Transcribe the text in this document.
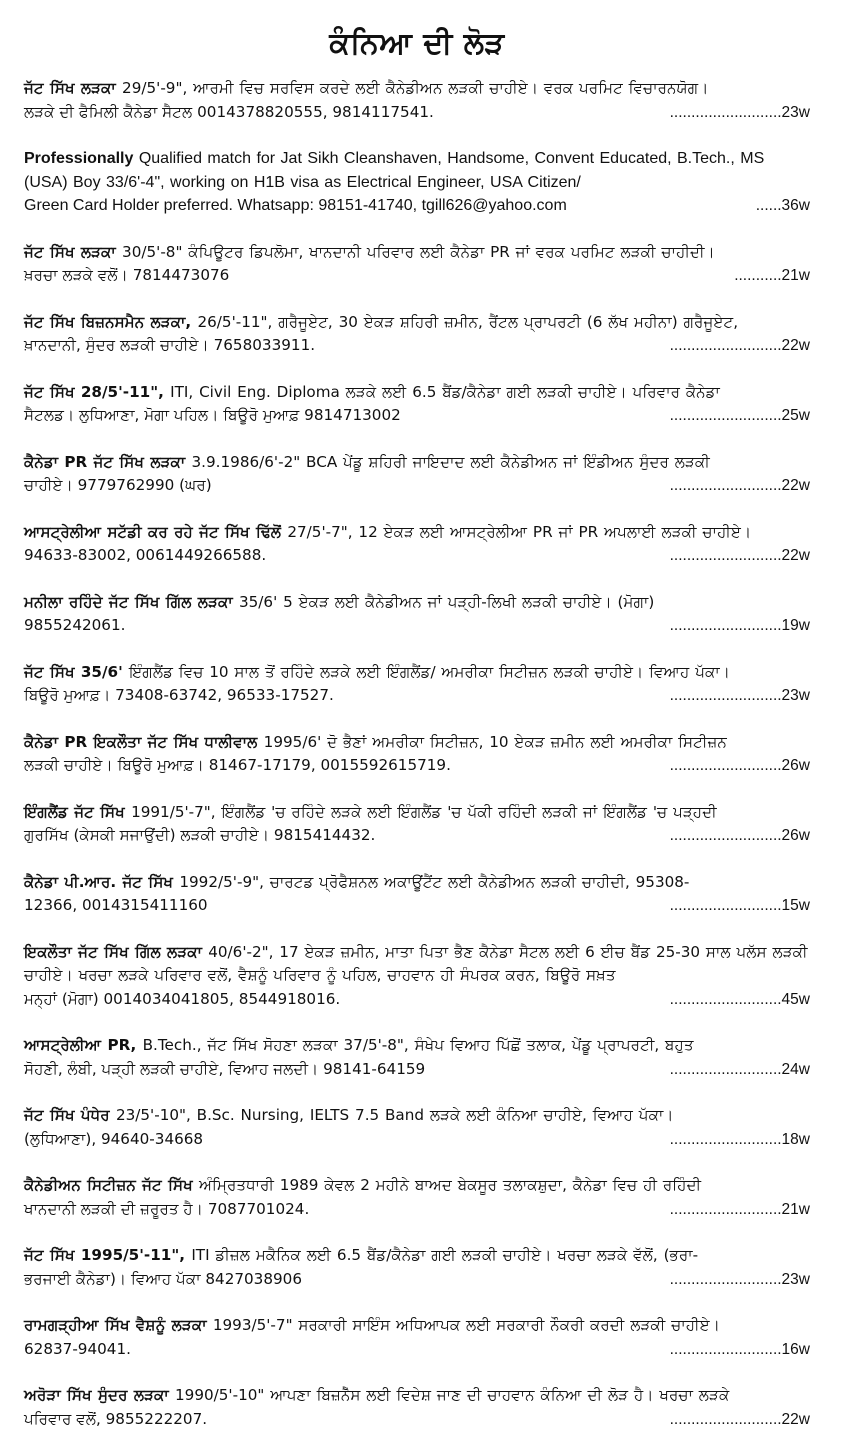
ਕੰਨਿਆ ਦੀ ਲੋੜ
ਜੱਟ ਸਿੱਖ ਲੜਕਾ 29/5'-9", ਆਰਮੀ ਵਿਚ ਸਰਵਿਸ ਕਰਦੇ ਲਈ ਕੈਨੇਡੀਅਨ ਲੜਕੀ ਚਾਹੀਏ। ਵਰਕ ਪਰਮਿਟ ਵਿਚਾਰਨਯੋਗ।
ਲੜਕੇ ਦੀ ਫੈਮਿਲੀ ਕੈਨੇਡਾ ਸੈਟਲ 0014378820555, 9814117541.	..........................23w
Professionally Qualified match for Jat Sikh Cleanshaven, Handsome, Convent Educated, B.Tech., MS (USA) Boy 33/6'-4", working on H1B visa as Electrical Engineer, USA Citizen/
Green Card Holder preferred. Whatsapp: 98151-41740, tgill626@yahoo.com	......36w
ਜੱਟ ਸਿੱਖ ਲੜਕਾ 30/5'-8" ਕੰਪਿਊਟਰ ਡਿਪਲੋਮਾ, ਖਾਨਦਾਨੀ ਪਰਿਵਾਰ ਲਈ ਕੈਨੇਡਾ PR ਜਾਂ ਵਰਕ ਪਰਮਿਟ ਲੜਕੀ ਚਾਹੀਦੀ।
ਖ਼ਰਚਾ ਲੜਕੇ ਵਲੋਂ। 7814473076	...........21w
ਜੱਟ ਸਿੱਖ ਬਿਜ਼ਨਸਮੈਨ ਲੜਕਾ, 26/5'-11", ਗਰੈਜੂਏਟ, 30 ਏਕੜ ਸ਼ਹਿਰੀ ਜ਼ਮੀਨ, ਰੈਂਟਲ ਪ੍ਰਾਪਰਟੀ (6 ਲੱਖ ਮਹੀਨਾ) ਗਰੈਜੂਏਟ,
ਖ਼ਾਨਦਾਨੀ, ਸੁੰਦਰ ਲੜਕੀ ਚਾਹੀਏ। 7658033911.	..........................22w
ਜੱਟ ਸਿੱਖ 28/5'-11", ITI, Civil Eng. Diploma ਲੜਕੇ ਲਈ 6.5 ਬੈਂਡ/ਕੈਨੇਡਾ ਗਈ ਲੜਕੀ ਚਾਹੀਏ। ਪਰਿਵਾਰ ਕੈਨੇਡਾ
ਸੈਟਲਡ। ਲੁਧਿਆਣਾ, ਮੋਗਾ ਪਹਿਲ। ਬਿਊਰੋ ਮੁਆਫ਼ 9814713002	..........................25w
ਕੈਨੇਡਾ PR ਜੱਟ ਸਿੱਖ ਲੜਕਾ 3.9.1986/6'-2" BCA ਪੇਂਡੂ ਸ਼ਹਿਰੀ ਜਾਇਦਾਦ ਲਈ ਕੈਨੇਡੀਅਨ ਜਾਂ ਇੰਡੀਅਨ ਸੁੰਦਰ ਲੜਕੀ
ਚਾਹੀਏ। 9779762990 (ਘਰ)	..........................22w
ਆਸਟ੍ਰੇਲੀਆ ਸਟੱਡੀ ਕਰ ਰਹੇ ਜੱਟ ਸਿੱਖ ਢਿੱਲੋਂ 27/5'-7", 12 ਏਕੜ ਲਈ ਆਸਟ੍ਰੇਲੀਆ PR ਜਾਂ PR ਅਪਲਾਈ ਲੜਕੀ ਚਾਹੀਏ।
94633-83002, 0061449266588.	..........................22w
ਮਨੀਲਾ ਰਹਿੰਦੇ ਜੱਟ ਸਿੱਖ ਗਿੱਲ ਲੜਕਾ 35/6' 5 ਏਕੜ ਲਈ ਕੈਨੇਡੀਅਨ ਜਾਂ ਪੜ੍ਹੀ-ਲਿਖੀ ਲੜਕੀ ਚਾਹੀਏ। (ਮੋਗਾ)
9855242061.	..........................19w
ਜੱਟ ਸਿੱਖ 35/6' ਇੰਗਲੈਂਡ ਵਿਚ 10 ਸਾਲ ਤੋਂ ਰਹਿੰਦੇ ਲੜਕੇ ਲਈ ਇੰਗਲੈਂਡ/ ਅਮਰੀਕਾ ਸਿਟੀਜ਼ਨ ਲੜਕੀ ਚਾਹੀਏ। ਵਿਆਹ ਪੱਕਾ।
ਬਿਊਰੋ ਮੁਆਫ਼। 73408-63742, 96533-17527.	..........................23w
ਕੈਨੇਡਾ PR ਇਕਲੌਤਾ ਜੱਟ ਸਿੱਖ ਧਾਲੀਵਾਲ 1995/6' ਦੋ ਭੈਣਾਂ ਅਮਰੀਕਾ ਸਿਟੀਜ਼ਨ, 10 ਏਕੜ ਜ਼ਮੀਨ ਲਈ ਅਮਰੀਕਾ ਸਿਟੀਜ਼ਨ
ਲੜਕੀ ਚਾਹੀਏ। ਬਿਊਰੋ ਮੁਆਫ਼। 81467-17179, 0015592615719.	..........................26w
ਇੰਗਲੈਂਡ ਜੱਟ ਸਿੱਖ 1991/5'-7", ਇੰਗਲੈਂਡ 'ਚ ਰਹਿੰਦੇ ਲੜਕੇ ਲਈ ਇੰਗਲੈਂਡ 'ਚ ਪੱਕੀ ਰਹਿੰਦੀ ਲੜਕੀ ਜਾਂ ਇੰਗਲੈਂਡ 'ਚ ਪੜ੍ਹਦੀ
ਗੁਰਸਿੱਖ (ਕੇਸਕੀ ਸਜਾਉਂਦੀ) ਲੜਕੀ ਚਾਹੀਏ। 9815414432.	..........................26w
ਕੈਨੇਡਾ ਪੀ.ਆਰ. ਜੱਟ ਸਿੱਖ 1992/5'-9", ਚਾਰਟਡ ਪ੍ਰੋਫੈਸ਼ਨਲ ਅਕਾਊਂਟੈਂਟ ਲਈ ਕੈਨੇਡੀਅਨ ਲੜਕੀ ਚਾਹੀਦੀ, 95308-
12366, 0014315411160	..........................15w
ਇਕਲੌਤਾ ਜੱਟ ਸਿੱਖ ਗਿੱਲ ਲੜਕਾ 40/6'-2", 17 ਏਕੜ ਜ਼ਮੀਨ, ਮਾਤਾ ਪਿਤਾ ਭੈਣ ਕੈਨੇਡਾ ਸੈਟਲ ਲਈ 6 ਈਚ ਬੈਂਡ 25-30 ਸਾਲ ਪਲੱਸ ਲੜਕੀ ਚਾਹੀਏ। ਖਰਚਾ ਲੜਕੇ ਪਰਿਵਾਰ ਵਲੋਂ, ਵੈਸ਼ਨੂੰ ਪਰਿਵਾਰ ਨੂੰ ਪਹਿਲ, ਚਾਹਵਾਨ ਹੀ ਸੰਪਰਕ ਕਰਨ, ਬਿਊਰੋ ਸਖ਼ਤ
ਮਨ੍ਹਾਂ (ਮੋਗਾ) 0014034041805, 8544918016.	..........................45w
ਆਸਟ੍ਰੇਲੀਆ PR, B.Tech., ਜੱਟ ਸਿੱਖ ਸੋਹਣਾ ਲੜਕਾ 37/5'-8", ਸੰਖੇਪ ਵਿਆਹ ਪਿੱਛੋਂ ਤਲਾਕ, ਪੇਂਡੂ ਪ੍ਰਾਪਰਟੀ, ਬਹੁਤ
ਸੋਹਣੀ, ਲੰਬੀ, ਪੜ੍ਹੀ ਲੜਕੀ ਚਾਹੀਏ, ਵਿਆਹ ਜਲਦੀ। 98141-64159	..........................24w
ਜੱਟ ਸਿੱਖ ਪੰਧੇਰ 23/5'-10", B.Sc. Nursing, IELTS 7.5 Band ਲੜਕੇ ਲਈ ਕੰਨਿਆ ਚਾਹੀਏ, ਵਿਆਹ ਪੱਕਾ।
(ਲੁਧਿਆਣਾ), 94640-34668	..........................18w
ਕੈਨੇਡੀਅਨ ਸਿਟੀਜ਼ਨ ਜੱਟ ਸਿੱਖ ਅੰਮ੍ਰਿਤਧਾਰੀ 1989 ਕੇਵਲ 2 ਮਹੀਨੇ ਬਾਅਦ ਬੇਕਸੂਰ ਤਲਾਕਸ਼ੁਦਾ, ਕੈਨੇਡਾ ਵਿਚ ਹੀ ਰਹਿੰਦੀ
ਖਾਨਦਾਨੀ ਲੜਕੀ ਦੀ ਜ਼ਰੂਰਤ ਹੈ। 7087701024.	..........................21w
ਜੱਟ ਸਿੱਖ 1995/5'-11", ITI ਡੀਜ਼ਲ ਮਕੈਨਿਕ ਲਈ 6.5 ਬੈਂਡ/ਕੈਨੇਡਾ ਗਈ ਲੜਕੀ ਚਾਹੀਏ। ਖਰਚਾ ਲੜਕੇ ਵੱਲੋਂ, (ਭਰਾ-
ਭਰਜਾਈ ਕੈਨੇਡਾ)। ਵਿਆਹ ਪੱਕਾ 8427038906	..........................23w
ਰਾਮਗੜ੍ਹੀਆ ਸਿੱਖ ਵੈਸ਼ਨੂੰ ਲੜਕਾ 1993/5'-7" ਸਰਕਾਰੀ ਸਾਇੰਸ ਅਧਿਆਪਕ ਲਈ ਸਰਕਾਰੀ ਨੌਕਰੀ ਕਰਦੀ ਲੜਕੀ ਚਾਹੀਏ।
62837-94041.	..........................16w
ਅਰੋੜਾ ਸਿੱਖ ਸੁੰਦਰ ਲੜਕਾ 1990/5'-10" ਆਪਣਾ ਬਿਜ਼ਨੈੱਸ ਲਈ ਵਿਦੇਸ਼ ਜਾਣ ਦੀ ਚਾਹਵਾਨ ਕੰਨਿਆ ਦੀ ਲੋੜ ਹੈ। ਖਰਚਾ ਲੜਕੇ
ਪਰਿਵਾਰ ਵਲੋਂ, 9855222207.	..........................22w
